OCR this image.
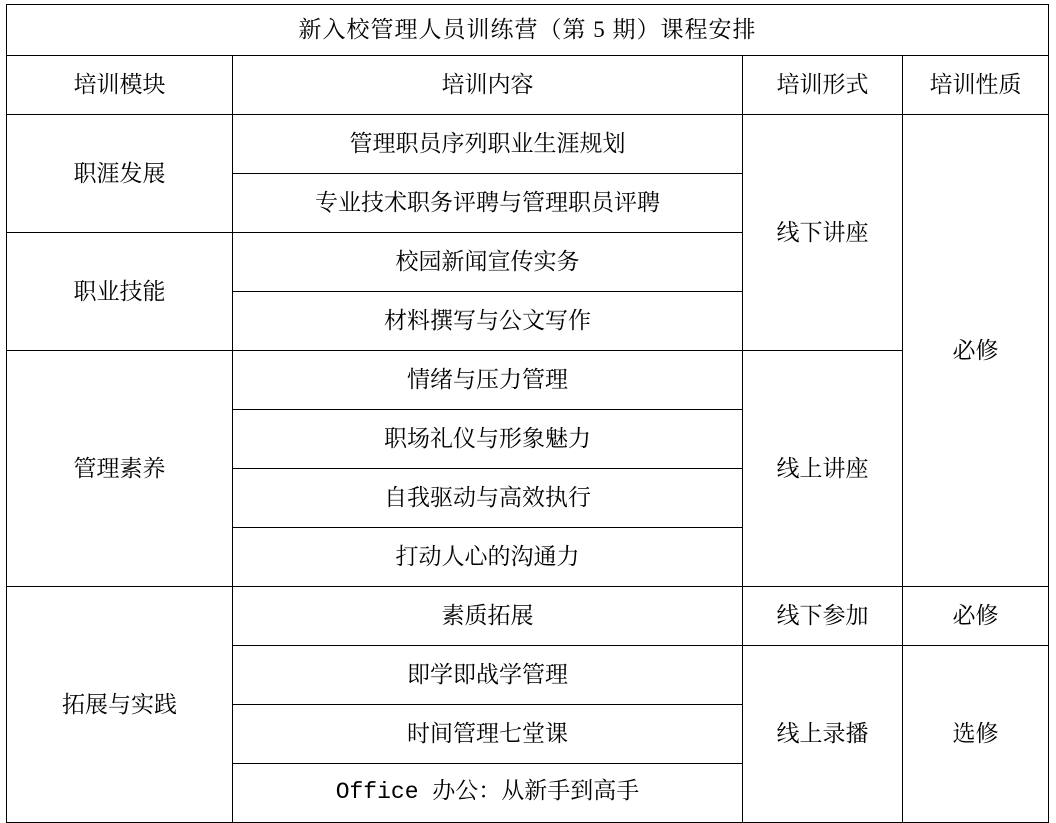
新入校管理人员训练营（第 5 期）课程安排			
培训模块	培训内容	培训形式	培训性质
职涯发展	管理职员序列职业生涯规划	线下讲座	必修
	专业技术职务评聘与管理职员评聘		
职业技能	校园新闻宣传实务		
	材料撰写与公文写作		
管理素养	情绪与压力管理	线上讲座	
	职场礼仪与形象魅力		
	自我驱动与高效执行		
	打动人心的沟通力		
拓展与实践	素质拓展	线下参加	必修
	即学即战学管理	线上录播	选修
	时间管理七堂课		
	Office 办公：从新手到高手		
